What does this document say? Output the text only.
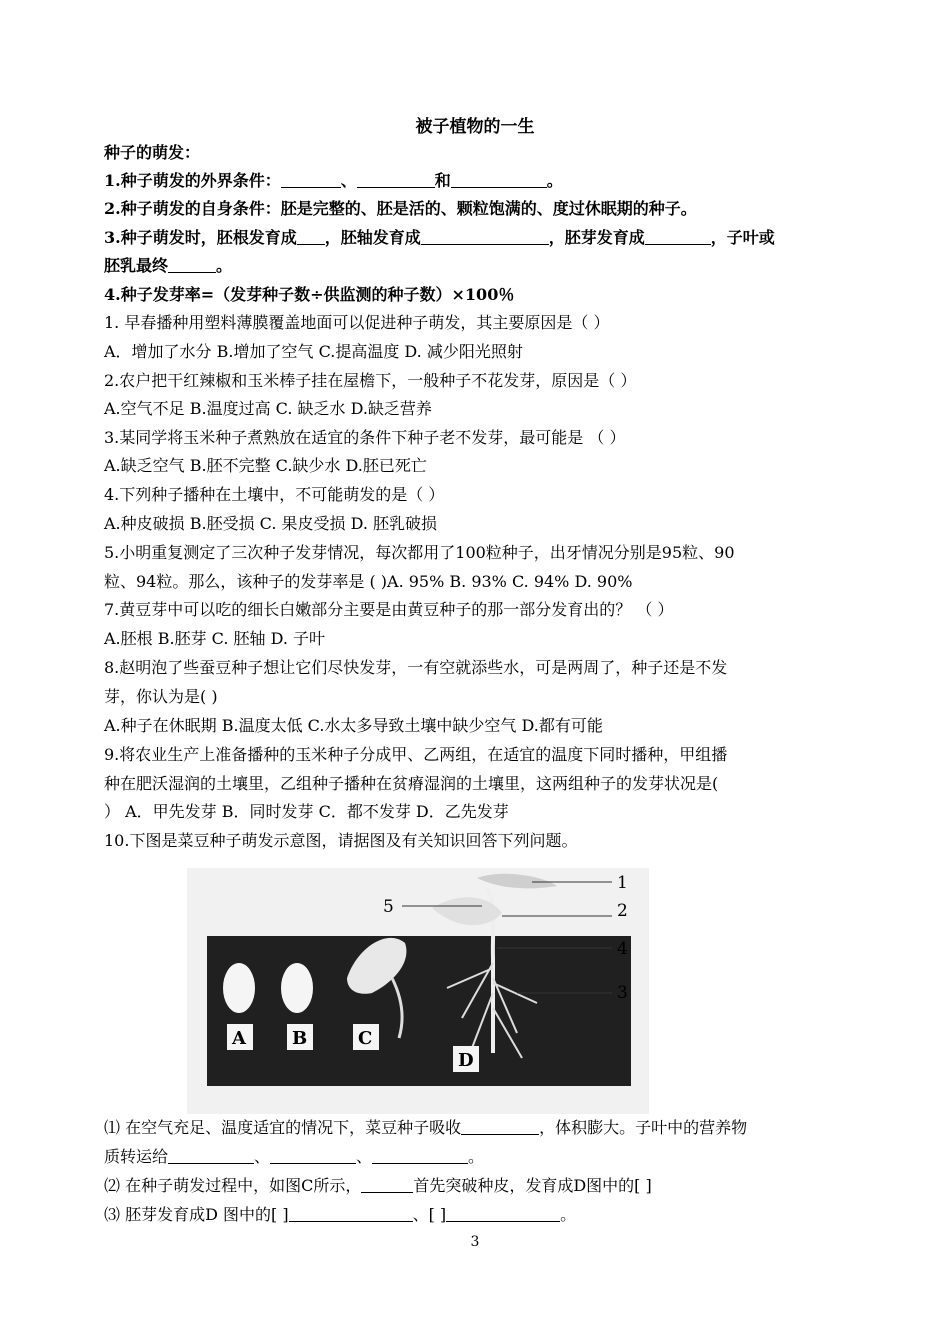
被子植物的一生
种子的萌发：
1.种子萌发的外界条件：	、	和	。
2.种子萌发的自身条件：胚是完整的、胚是活的、颗粒饱满的、度过休眠期的种子。
3.种子萌发时，胚根发育成 ，胚轴发育成	，胚芽发育成	，子叶或
胚乳最终	。
4.种子发芽率=（发芽种子数÷供监测的种子数）×100％
1. 早春播种用塑料薄膜覆盖地面可以促进种子萌发，其主要原因是（ ）
A．增加了水分 B.增加了空气 C.提高温度 D. 减少阳光照射
2.农户把干红辣椒和玉米棒子挂在屋檐下，一般种子不花发芽，原因是（ ）
A.空气不足 B.温度过高 C. 缺乏水 D.缺乏营养
3.某同学将玉米种子煮熟放在适宜的条件下种子老不发芽，最可能是 （ ）
A.缺乏空气 B.胚不完整 C.缺少水 D.胚已死亡
4.下列种子播种在土壤中，不可能萌发的是（ ）
A.种皮破损 B.胚受损 C. 果皮受损 D. 胚乳破损
5.小明重复测定了三次种子发芽情况，每次都用了100粒种子，出牙情况分别是95粒、90
粒、94粒。那么，该种子的发芽率是 ( )A. 95% B. 93% C. 94% D. 90%
7.黄豆芽中可以吃的细长白嫩部分主要是由黄豆种子的那一部分发育出的？ （ ）
A.胚根 B.胚芽 C. 胚轴 D. 子叶
8.赵明泡了些蚕豆种子想让它们尽快发芽，一有空就添些水，可是两周了，种子还是不发
芽，你认为是( )
A.种子在休眠期 B.温度太低 C.水太多导致土壤中缺少空气 D.都有可能
9.将农业生产上准备播种的玉米种子分成甲、乙两组，在适宜的温度下同时播种，甲组播
种在肥沃湿润的土壤里，乙组种子播种在贫瘠湿润的土壤里，这两组种子的发芽状况是(
） A．甲先发芽 B．同时发芽 C．都不发芽 D．乙先发芽
10.下图是菜豆种子萌发示意图，请据图及有关知识回答下列问题。
1
2
3
4
5
A	B	C
D
⑴ 在空气充足、温度适宜的情况下，菜豆种子吸收	，体积膨大。子叶中的营养物
质转运给	、	、	。
⑵ 在种子萌发过程中，如图C所示，	首先突破种皮，发育成D图中的[ ]
⑶ 胚芽发育成D 图中的[ ]	、[ ]	。
3
